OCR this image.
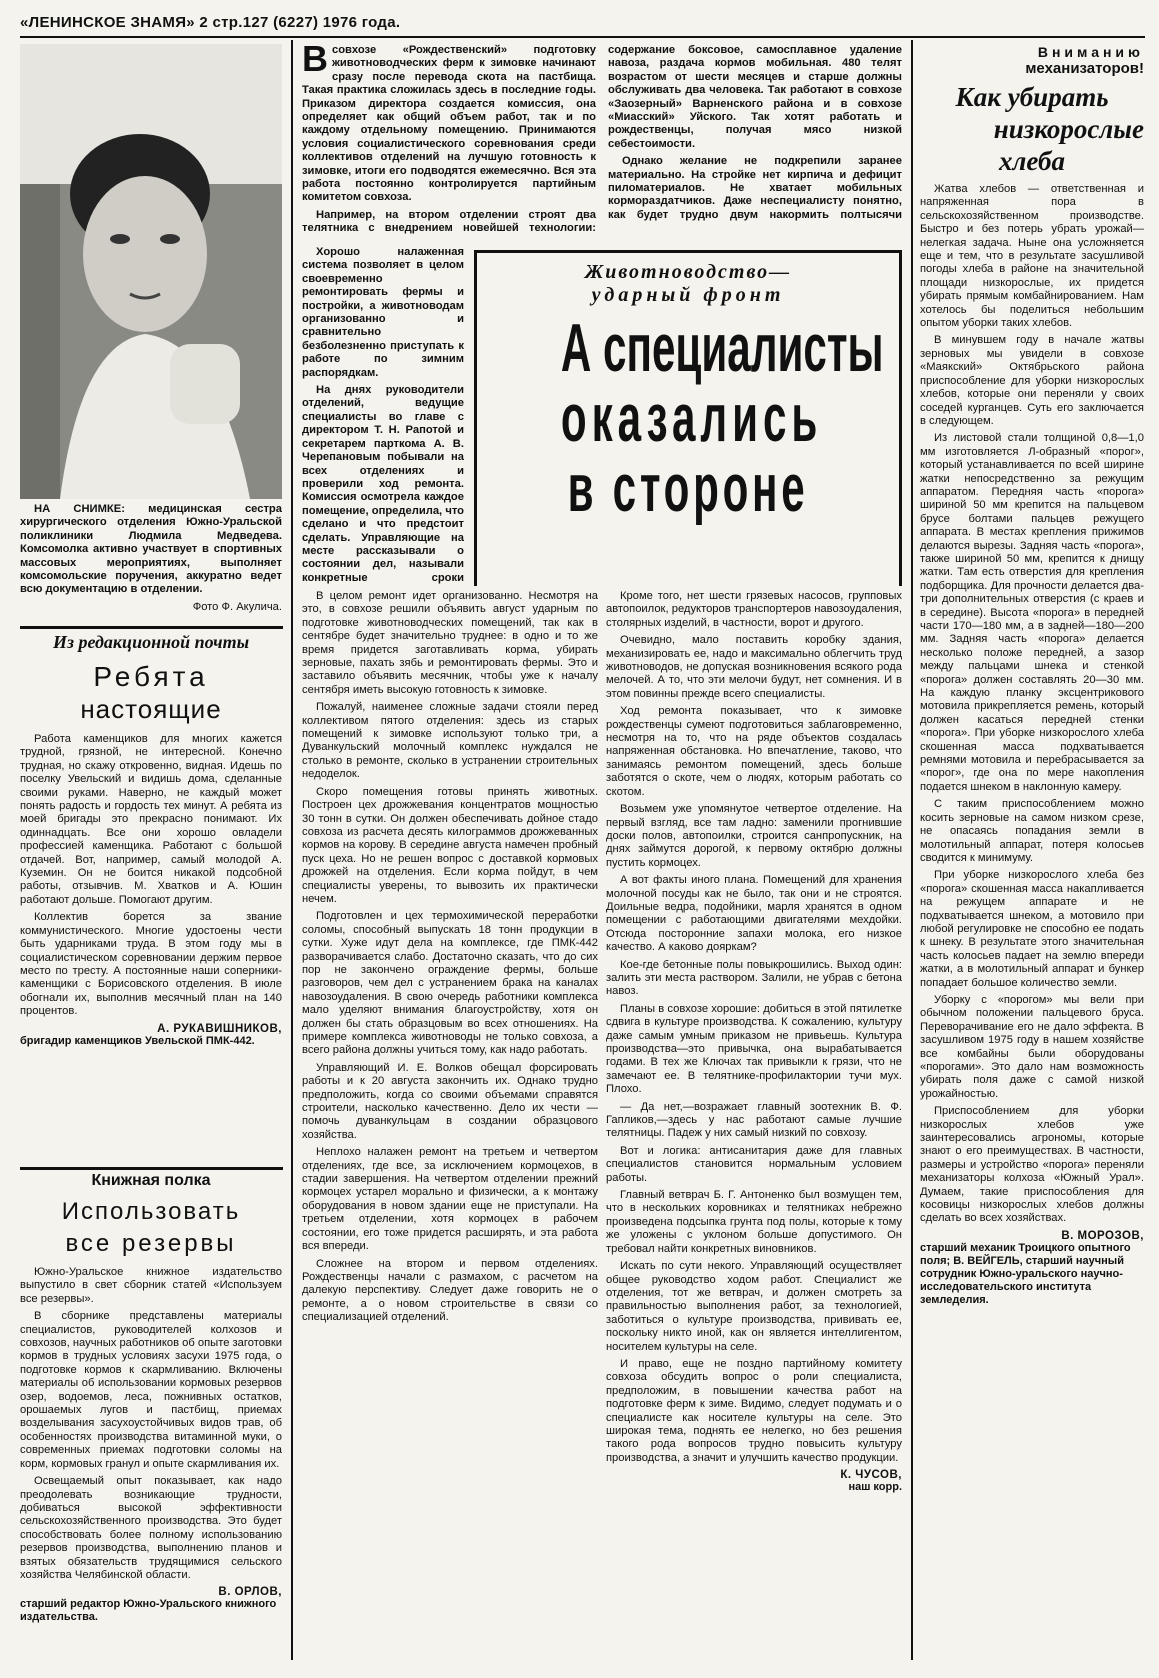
«ЛЕНИНСКОЕ ЗНАМЯ» 2 стр.127 (6227) 1976 года.

НА СНИМКЕ: медицинская сестра хирургического отделения Южно-Уральской поликлиники Людмила Медведева. Комсомолка активно участвует в спортивных массовых мероприятиях, выполняет комсомольские поручения, аккуратно ведет всю документацию в отделении.

Фото Ф. Акулича.

Из редакционной почты

Ребята

настоящие

Работа каменщиков для многих кажется трудной, грязной, не интересной. Конечно трудная, но скажу откровенно, видная. Идешь по поселку Увельский и видишь дома, сделанные своими руками. Наверно, не каждый может понять радость и гордость тех минут. А ребята из моей бригады это прекрасно понимают. Их одиннадцать. Все они хорошо овладели профессией каменщика. Работают с большой отдачей. Вот, например, самый молодой А. Куземин. Он не боится никакой подсобной работы, отзывчив. М. Хватков и А. Юшин работают дольше. Помогают другим.

Коллектив борется за звание коммунистического. Многие удостоены чести быть ударниками труда. В этом году мы в социалистическом соревновании держим первое место по тресту. А постоянные наши соперники-каменщики с Борисовского отделения. В июле обогнали их, выполнив месячный план на 140 процентов.

А. РУКАВИШНИКОВ,

бригадир каменщиков Увельской ПМК-442.

Книжная полка

Использовать

все резервы

Южно-Уральское книжное издательство выпустило в свет сборник статей «Используем все резервы».

В сборнике представлены материалы специалистов, руководителей колхозов и совхозов, научных работников об опыте заготовки кормов в трудных условиях засухи 1975 года, о подготовке кормов к скармливанию. Включены материалы об использовании кормовых резервов озер, водоемов, леса, пожнивных остатков, орошаемых лугов и пастбищ, приемах возделывания засухоустойчивых видов трав, об особенностях производства витаминной муки, о современных приемах подготовки соломы на корм, кормовых гранул и опыте скармливания их.

Освещаемый опыт показывает, как надо преодолевать возникающие трудности, добиваться высокой эффективности сельскохозяйственного производства. Это будет способствовать более полному использованию резервов производства, выполнению планов и взятых обязательств трудящимися сельского хозяйства Челябинской области.

В. ОРЛОВ,

старший редактор Южно-Уральского книжного издательства.

Всовхозе «Рождественский» подготовку животноводческих ферм к зимовке начинают сразу после перевода скота на пастбища. Такая практика сложилась здесь в последние годы. Приказом директора создается комиссия, она определяет как общий объем работ, так и по каждому отдельному помещению. Принимаются условия социалистического соревнования среди коллективов отделений на лучшую готовность к зимовке, итоги его подводятся ежемесячно. Вся эта работа постоянно контролируется партийным комитетом совхоза.

Например, на втором отделении строят два телятника с внедрением новейшей технологии: содержание боксовое, самосплавное удаление навоза, раздача кормов мобильная. 480 телят возрастом от шести месяцев и старше должны обслуживать два человека. Так работают в совхозе «Заозерный» Варненского района и в совхозе «Миасский» Уйского. Так хотят работать и рождественцы, получая мясо низкой себестоимости.

Однако желание не подкрепили заранее материально. На стройке нет кирпича и дефицит пиломатериалов. Не хватает мобильных кормораздатчиков. Даже неспециалисту понятно, как будет трудно двум накормить полтысячи

Хорошо налаженная система позволяет в целом своевременно ремонтировать фермы и постройки, а животноводам организованно и сравнительно безболезненно приступать к работе по зимним распорядкам.

На днях руководители отделений, ведущие специалисты во главе с директором Т. Н. Рапотой и секретарем парткома А. В. Черепановым побывали на всех отделениях и проверили ход ремонта. Комиссия осмотрела каждое помещение, определила, что сделано и что предстоит сделать. Управляющие на месте рассказывали о состоянии дел, называли конкретные сроки

Животноводство—

ударный фронт

А специалисты
оказались
в стороне

В целом ремонт идет организованно. Несмотря на это, в совхозе решили объявить август ударным по подготовке животноводческих помещений, так как в сентябре будет значительно труднее: в одно и то же время придется заготавливать корма, убирать зерновые, пахать зябь и ремонтировать фермы. Это и заставило объявить месячник, чтобы уже к началу сентября иметь высокую готовность к зимовке.

Пожалуй, наименее сложные задачи стояли перед коллективом пятого отделения: здесь из старых помещений к зимовке используют только три, а Дуванкульский молочный комплекс нуждался не столько в ремонте, сколько в устранении строительных недоделок.

Скоро помещения готовы принять животных. Построен цех дрожжевания концентратов мощностью 30 тонн в сутки. Он должен обеспечивать дойное стадо совхоза из расчета десять килограммов дрожжеванных кормов на корову. В середине августа намечен пробный пуск цеха. Но не решен вопрос с доставкой кормовых дрожжей на отделения. Если корма пойдут, в чем специалисты уверены, то вывозить их практически нечем.

Подготовлен и цех термохимической переработки соломы, способный выпускать 18 тонн продукции в сутки. Хуже идут дела на комплексе, где ПМК-442 разворачивается слабо. Достаточно сказать, что до сих пор не закончено ограждение фермы, больше разговоров, чем дел с устранением брака на каналах навозоудаления. В свою очередь работники комплекса мало уделяют внимания благоустройству, хотя он должен бы стать образцовым во всех отношениях. На примере комплекса животноводы не только совхоза, а всего района должны учиться тому, как надо работать.

Управляющий И. Е. Волков обещал форсировать работы и к 20 августа закончить их. Однако трудно предположить, когда со своими объемами справятся строители, насколько качественно. Дело их чести — помочь дуванкульцам в создании образцового хозяйства.

Неплохо налажен ремонт на третьем и четвертом отделениях, где все, за исключением кормоцехов, в стадии завершения. На четвертом отделении прежний кормоцех устарел морально и физически, а к монтажу оборудования в новом здании еще не приступали. На третьем отделении, хотя кормоцех в рабочем состоянии, его тоже придется расширять, и эта работа вся впереди.

Сложнее на втором и первом отделениях. Рождественцы начали с размахом, с расчетом на далекую перспективу. Следует даже говорить не о ремонте, а о новом строительстве в связи со специализацией отделений.

Кроме того, нет шести грязевых насосов, групповых автопоилок, редукторов транспортеров навозоудаления, столярных изделий, в частности, ворот и другого.

Очевидно, мало поставить коробку здания, механизировать ее, надо и максимально облегчить труд животноводов, не допуская возникновения всякого рода мелочей. А то, что эти мелочи будут, нет сомнения. И в этом повинны прежде всего специалисты.

Ход ремонта показывает, что к зимовке рождественцы сумеют подготовиться заблаговременно, несмотря на то, что на ряде объектов создалась напряженная обстановка. Но впечатление, таково, что занимаясь ремонтом помещений, здесь больше заботятся о скоте, чем о людях, которым работать со скотом.

Возьмем уже упомянутое четвертое отделение. На первый взгляд, все там ладно: заменили прогнившие доски полов, автопоилки, строится санпропускник, на днях займутся дорогой, к первому октябрю должны пустить кормоцех.

А вот факты иного плана. Помещений для хранения молочной посуды как не было, так они и не строятся. Доильные ведра, подойники, марля хранятся в одном помещении с работающими двигателями мехдойки. Отсюда посторонние запахи молока, его низкое качество. А каково дояркам?

Кое-где бетонные полы повыкрошились. Выход один: залить эти места раствором. Залили, не убрав с бетона навоз.

Планы в совхозе хорошие: добиться в этой пятилетке сдвига в культуре производства. К сожалению, культуру даже самым умным приказом не привьешь. Культура производства—это привычка, она вырабатывается годами. В тех же Ключах так привыкли к грязи, что не замечают ее. В телятнике-профилактории тучи мух. Плохо.

— Да нет,—возражает главный зоотехник В. Ф. Гапликов,—здесь у нас работают самые лучшие телятницы. Падеж у них самый низкий по совхозу.

Вот и логика: антисанитария даже для главных специалистов становится нормальным условием работы.

Главный ветврач Б. Г. Антоненко был возмущен тем, что в нескольких коровниках и телятниках небрежно произведена подсыпка грунта под полы, которые к тому же уложены с уклоном больше допустимого. Он требовал найти конкретных виновников.

Искать по сути некого. Управляющий осуществляет общее руководство ходом работ. Специалист же отделения, тот же ветврач, и должен смотреть за правильностью выполнения работ, за технологией, заботиться о культуре производства, прививать ее, поскольку никто иной, как он является интеллигентом, носителем культуры на селе.

И право, еще не поздно партийному комитету совхоза обсудить вопрос о роли специалиста, предположим, в повышении качества работ на подготовке ферм к зиме. Видимо, следует подумать и о специалисте как носителе культуры на селе. Это широкая тема, поднять ее нелегко, но без решения такого рода вопросов трудно повысить культуру производства, а значит и улучшить качество продукции.

К. ЧУСОВ,

наш корр.

Вниманию

механизаторов!

Как убирать

низкорослые

хлеба

Жатва хлебов — ответственная и напряженная пора в сельскохозяйственном производстве. Быстро и без потерь убрать урожай—нелегкая задача. Ныне она усложняется еще и тем, что в результате засушливой погоды хлеба в районе на значительной площади низкорослые, их придется убирать прямым комбайнированием. Нам хотелось бы поделиться небольшим опытом уборки таких хлебов.

В минувшем году в начале жатвы зерновых мы увидели в совхозе «Маякский» Октябрьского района приспособление для уборки низкорослых хлебов, которые они переняли у своих соседей курганцев. Суть его заключается в следующем.

Из листовой стали толщиной 0,8—1,0 мм изготовляется Л-образный «порог», который устанавливается по всей ширине жатки непосредственно за режущим аппаратом. Передняя часть «порога» шириной 50 мм крепится на пальцевом брусе болтами пальцев режущего аппарата. В местах крепления прижимов делаются вырезы. Задняя часть «порога», также шириной 50 мм, крепится к днищу жатки. Там есть отверстия для крепления подборщика. Для прочности делается два-три дополнительных отверстия (с краев и в середине). Высота «порога» в передней части 170—180 мм, а в задней—180—200 мм. Задняя часть «порога» делается несколько положе передней, а зазор между пальцами шнека и стенкой «порога» должен составлять 20—30 мм. На каждую планку эксцентрикового мотовила прикрепляется ремень, который должен касаться передней стенки «порога». При уборке низкорослого хлеба скошенная масса подхватывается ремнями мотовила и перебрасывается за «порог», где она по мере накопления подается шнеком в наклонную камеру.

С таким приспособлением можно косить зерновые на самом низком срезе, не опасаясь попадания земли в молотильный аппарат, потеря колосьев сводится к минимуму.

При уборке низкорослого хлеба без «порога» скошенная масса накапливается на режущем аппарате и не подхватывается шнеком, а мотовило при любой регулировке не способно ее подать к шнеку. В результате этого значительная часть колосьев падает на землю впереди жатки, а в молотильный аппарат и бункер попадает большое количество земли.

Уборку с «порогом» мы вели при обычном положении пальцевого бруса. Переворачивание его не дало эффекта. В засушливом 1975 году в нашем хозяйстве все комбайны были оборудованы «порогами». Это дало нам возможность убирать поля даже с самой низкой урожайностью.

Приспособлением для уборки низкорослых хлебов уже заинтересовались агрономы, которые знают о его преимуществах. В частности, размеры и устройство «порога» переняли механизаторы колхоза «Южный Урал». Думаем, такие приспособления для косовицы низкорослых хлебов должны сделать во всех хозяйствах.

В. МОРОЗОВ,

старший механик Троицкого опытного поля; В. ВЕЙГЕЛЬ, старший научный сотрудник Южно-уральского научно-исследовательского института земледелия.
